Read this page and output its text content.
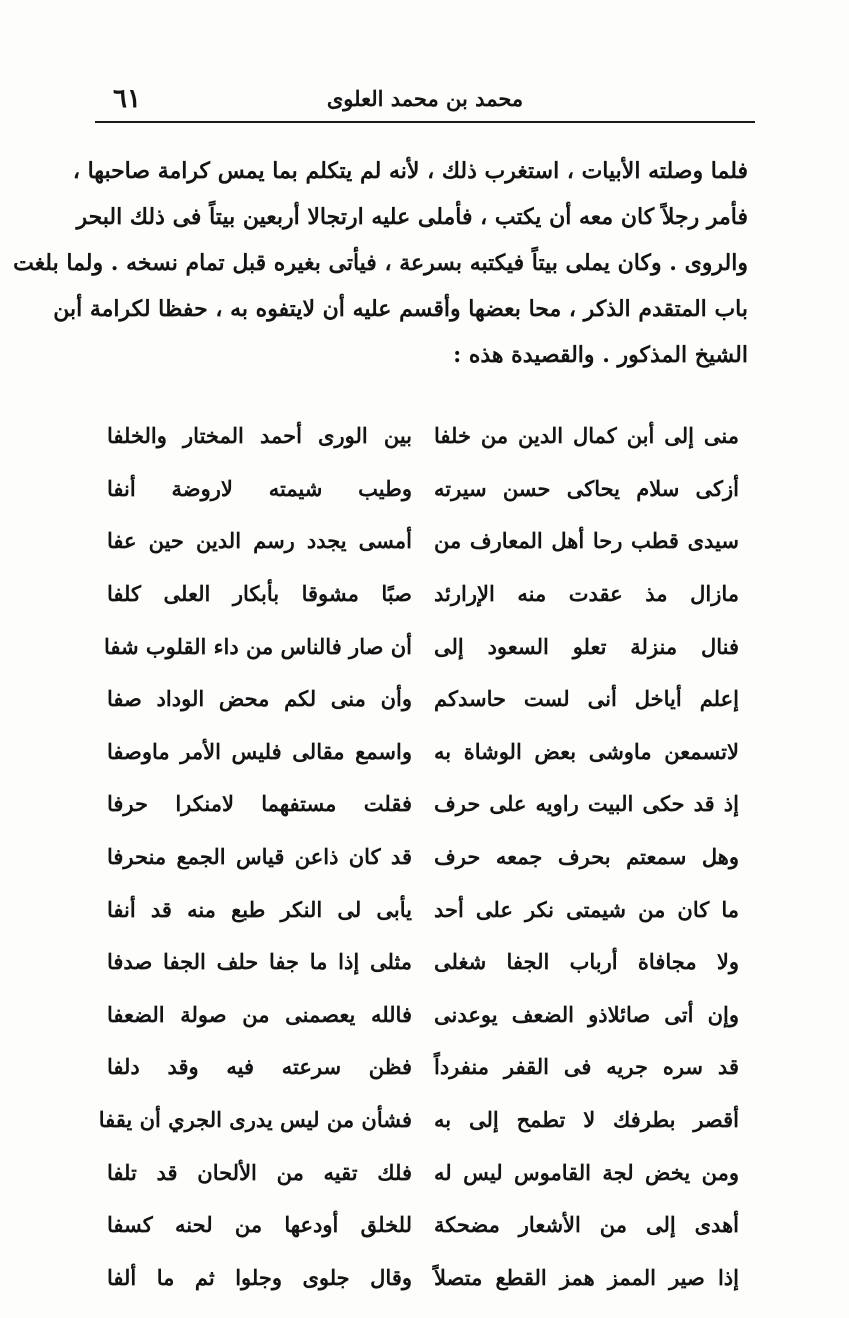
٦١	محمد بن محمد العلوى
فلما وصلته الأبيات ، استغرب ذلك ، لأنه لم يتكلم بما يمس كرامة صاحبها ،
فأمر رجلاً كان معه أن يكتب ، فأملى عليه ارتجالا أربعين بيتاً فى ذلك البحر
والروى . وكان يملى بيتاً فيكتبه بسرعة ، فيأتى بغيره قبل تمام نسخه . ولما بلغت
باب المتقدم الذكر ، محا بعضها وأقسم عليه أن لايتفوه به ، حفظا لكرامة أبن
الشيخ المذكور . والقصيدة هذه :
منى إلى أبن كمال الدين من خلفا
بين الورى أحمد المختار والخلفا
أزكى سلام يحاكى حسن سيرته
وطيب شيمته لاروضة أنفا
سيدى قطب رحا أهل المعارف من
أمسى يجدد رسم الدين حين عفا
مازال مذ عقدت منه الإرارئد
صبًا مشوقا بأبكار العلى كلفا
فنال منزلة تعلو السعود إلى
أن صار فالناس من داء القلوب شفا
إعلم أياخل أنى لست حاسدكم
وأن منى لكم محض الوداد صفا
لاتسمعن ماوشى بعض الوشاة به
واسمع مقالى فليس الأمر ماوصفا
إذ قد حكى البيت راويه على حرف
فقلت مستفهما لامنكرا حرفا
وهل سمعتم بحرف جمعه حرف
قد كان ذاعن قياس الجمع منحرفا
ما كان من شيمتى نكر على أحد
يأبى لى النكر طبع منه قد أنفا
ولا مجافاة أرباب الجفا شغلى
مثلى إذا ما جفا حلف الجفا صدفا
وإن أتى صائلاذو الضعف يوعدنى
فالله يعصمنى من صولة الضعفا
قد سره جريه فى القفر منفرداً
فظن سرعته فيه وقد دلفا
أقصر بطرفك لا تطمح إلى به
فشأن من ليس يدرى الجري أن يقفا
ومن يخض لجة القاموس ليس له
فلك تقيه من الألحان قد تلفا
أهدى إلى من الأشعار مضحكة
للخلق أودعها من لحنه كسفا
إذا صير الممز همز القطع متصلاً
وقال جلوى وجلوا ثم ما ألفا
